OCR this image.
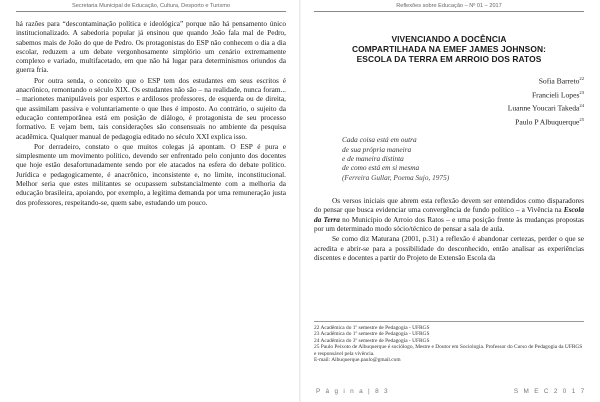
Secretaria Municipal de Educação, Cultura, Desporto e Turismo

há razões para “descontaminação política e ideológica” porque não há pensamento único institucionalizado. A sabedoria popular já ensinou que quando João fala mal de Pedro, sabemos mais de João do que de Pedro. Os protagonistas do ESP não conhecem o dia a dia escolar, reduzem a um debate vergonhosamente simplório um cenário extremamente complexo e variado, multifacetado, em que não há lugar para determinismos oriundos da guerra fria.

Por outra senda, o conceito que o ESP tem dos estudantes em seus escritos é anacrônico, remontando o século XIX. Os estudantes não são – na realidade, nunca foram... – marionetes manipuláveis por espertos e ardilosos professores, de esquerda ou de direita, que assimilam passiva e voluntariamente o que lhes é imposto. Ao contrário, o sujeito da educação contemporânea está em posição de diálogo, é protagonista de seu processo formativo. E vejam bem, tais considerações são consensuais no ambiente da pesquisa acadêmica. Qualquer manual de pedagogia editado no século XXI explica isso.

Por derradeiro, constato o que muitos colegas já apontam. O ESP é pura e simplesmente um movimento político, devendo ser enfrentado pelo conjunto dos docentes que hoje estão desafortunadamente sendo por ele atacados na esfera do debate político. Jurídica e pedagogicamente, é anacrônico, inconsistente e, no limite, inconstitucional. Melhor seria que estes militantes se ocupassem substancialmente com a melhoria da educação brasileira, apoiando, por exemplo, a legítima demanda por uma remuneração justa dos professores, respeitando-se, quem sabe, estudando um pouco.

Reflexões sobre Educação – Nº 01 – 2017
VIVENCIANDO A DOCÊNCIA
COMPARTILHADA NA EMEF JAMES JOHNSON:
ESCOLA DA TERRA EM ARROIO DOS RATOS
Sofia Barreto$^{22}$
Francieli Lopes$^{23}$
Luanne Youcari Takeda$^{24}$
Paulo P Albuquerque$^{25}$
Cada coisa está em outra
de sua própria maneira
e de maneira distinta
de como está em si mesma
(Ferreira Gullar, Poema Sujo, 1975)

Os versos iniciais que abrem esta reflexão devem ser entendidos como disparadores do pensar que busca evidenciar uma convergência de fundo político – a Vivência na Escola da Terra no Município de Arroio dos Ratos – e uma posição frente às mudanças propostas por um determinado modo sócio/técnico de pensar a sala de aula.

Se como diz Maturana (2001, p.31) a reflexão é abandonar certezas, perder o que se acredita e abrir-se para a possibilidade do desconhecido, então analisar as experiências discentes e docentes a partir do Projeto de Extensão Escola da

22 Acadêmica do 1º semestre de Pedagogia - UFRGS
23 Acadêmica do 1º semestre de Pedagogia - UFRGS
24 Acadêmica do 3º semestre de Pedagogia - UFRGS
25 Paulo Peixoto de Albuquerque é sociólogo, Mestre e Doutor em Sociologia. Professor do Curso de Pedagogia da UFRGS e responsável pela vivência.
E-mail: Albuquerque.paulo@gmail.com
P á g i n a | 8 3	S M E C 2 0 1 7
